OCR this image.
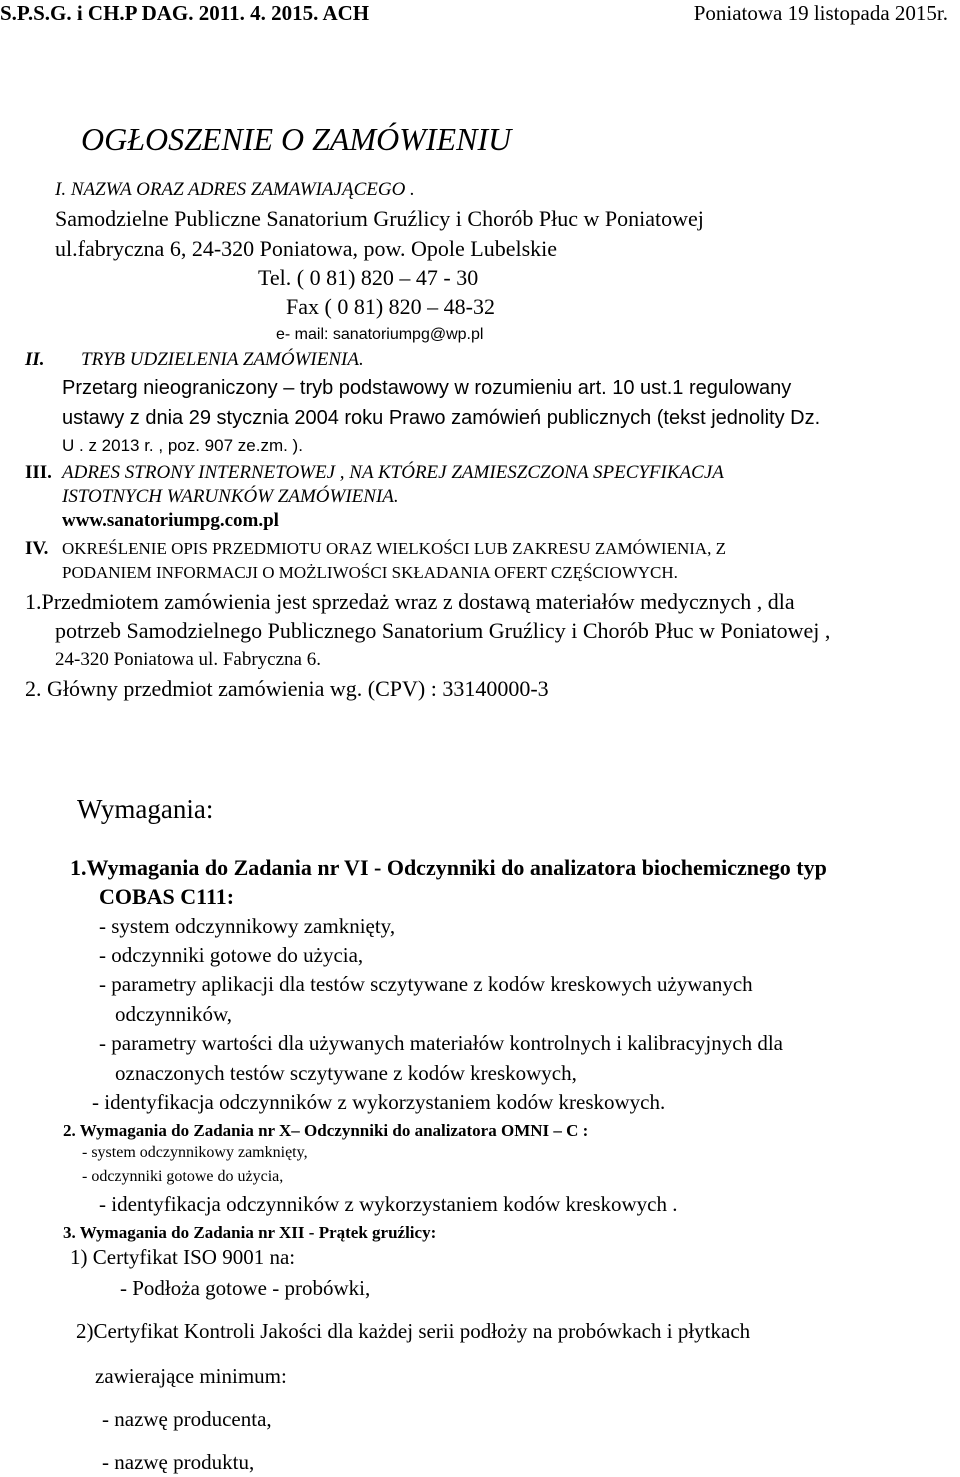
S.P.S.G. i CH.P DAG. 2011. 4. 2015. ACH	Poniatowa 19 listopada 2015r.
OGŁOSZENIE O ZAMÓWIENIU
I. NAZWA ORAZ ADRES ZAMAWIAJĄCEGO .
Samodzielne Publiczne Sanatorium Gruźlicy i Chorób Płuc w Poniatowej
ul.fabryczna 6, 24-320 Poniatowa, pow. Opole Lubelskie
Tel. ( 0 81) 820 – 47 - 30
Fax ( 0 81) 820 – 48-32
e- mail: sanatoriumpg@wp.pl
II. TRYB UDZIELENIA ZAMÓWIENIA.
Przetarg nieograniczony – tryb podstawowy w rozumieniu art. 10 ust.1 regulowany
ustawy z dnia 29 stycznia 2004 roku Prawo zamówień publicznych (tekst jednolity Dz.
U . z 2013 r. , poz. 907 ze.zm. ).
III. ADRES STRONY INTERNETOWEJ , NA KTÓREJ ZAMIESZCZONA SPECYFIKACJA
ISTOTNYCH WARUNKÓW ZAMÓWIENIA.
www.sanatoriumpg.com.pl
IV. OKREŚLENIE OPIS PRZEDMIOTU ORAZ WIELKOŚCI LUB ZAKRESU ZAMÓWIENIA, Z
PODANIEM INFORMACJI O MOŻLIWOŚCI SKŁADANIA OFERT CZĘŚCIOWYCH.
1.Przedmiotem zamówienia jest sprzedaż wraz z dostawą materiałów medycznych , dla
potrzeb Samodzielnego Publicznego Sanatorium Gruźlicy i Chorób Płuc w Poniatowej ,
24-320 Poniatowa ul. Fabryczna 6.
2. Główny przedmiot zamówienia wg. (CPV) : 33140000-3
Wymagania:
1.Wymagania do Zadania nr VI - Odczynniki do analizatora biochemicznego typ
COBAS C111:
- system odczynnikowy zamknięty,
- odczynniki gotowe do użycia,
- parametry aplikacji dla testów sczytywane z kodów kreskowych używanych
odczynników,
- parametry wartości dla używanych materiałów kontrolnych i kalibracyjnych dla
oznaczonych testów sczytywane z kodów kreskowych,
- identyfikacja odczynników z wykorzystaniem kodów kreskowych.
2. Wymagania do Zadania nr X– Odczynniki do analizatora OMNI – C :
- system odczynnikowy zamknięty,
- odczynniki gotowe do użycia,
- identyfikacja odczynników z wykorzystaniem kodów kreskowych .
3. Wymagania do Zadania nr XII - Prątek gruźlicy:
1) Certyfikat ISO 9001 na:
- Podłoża gotowe - probówki,
2)Certyfikat Kontroli Jakości dla każdej serii podłoży na probówkach i płytkach
zawierające minimum:
- nazwę producenta,
- nazwę produktu,
